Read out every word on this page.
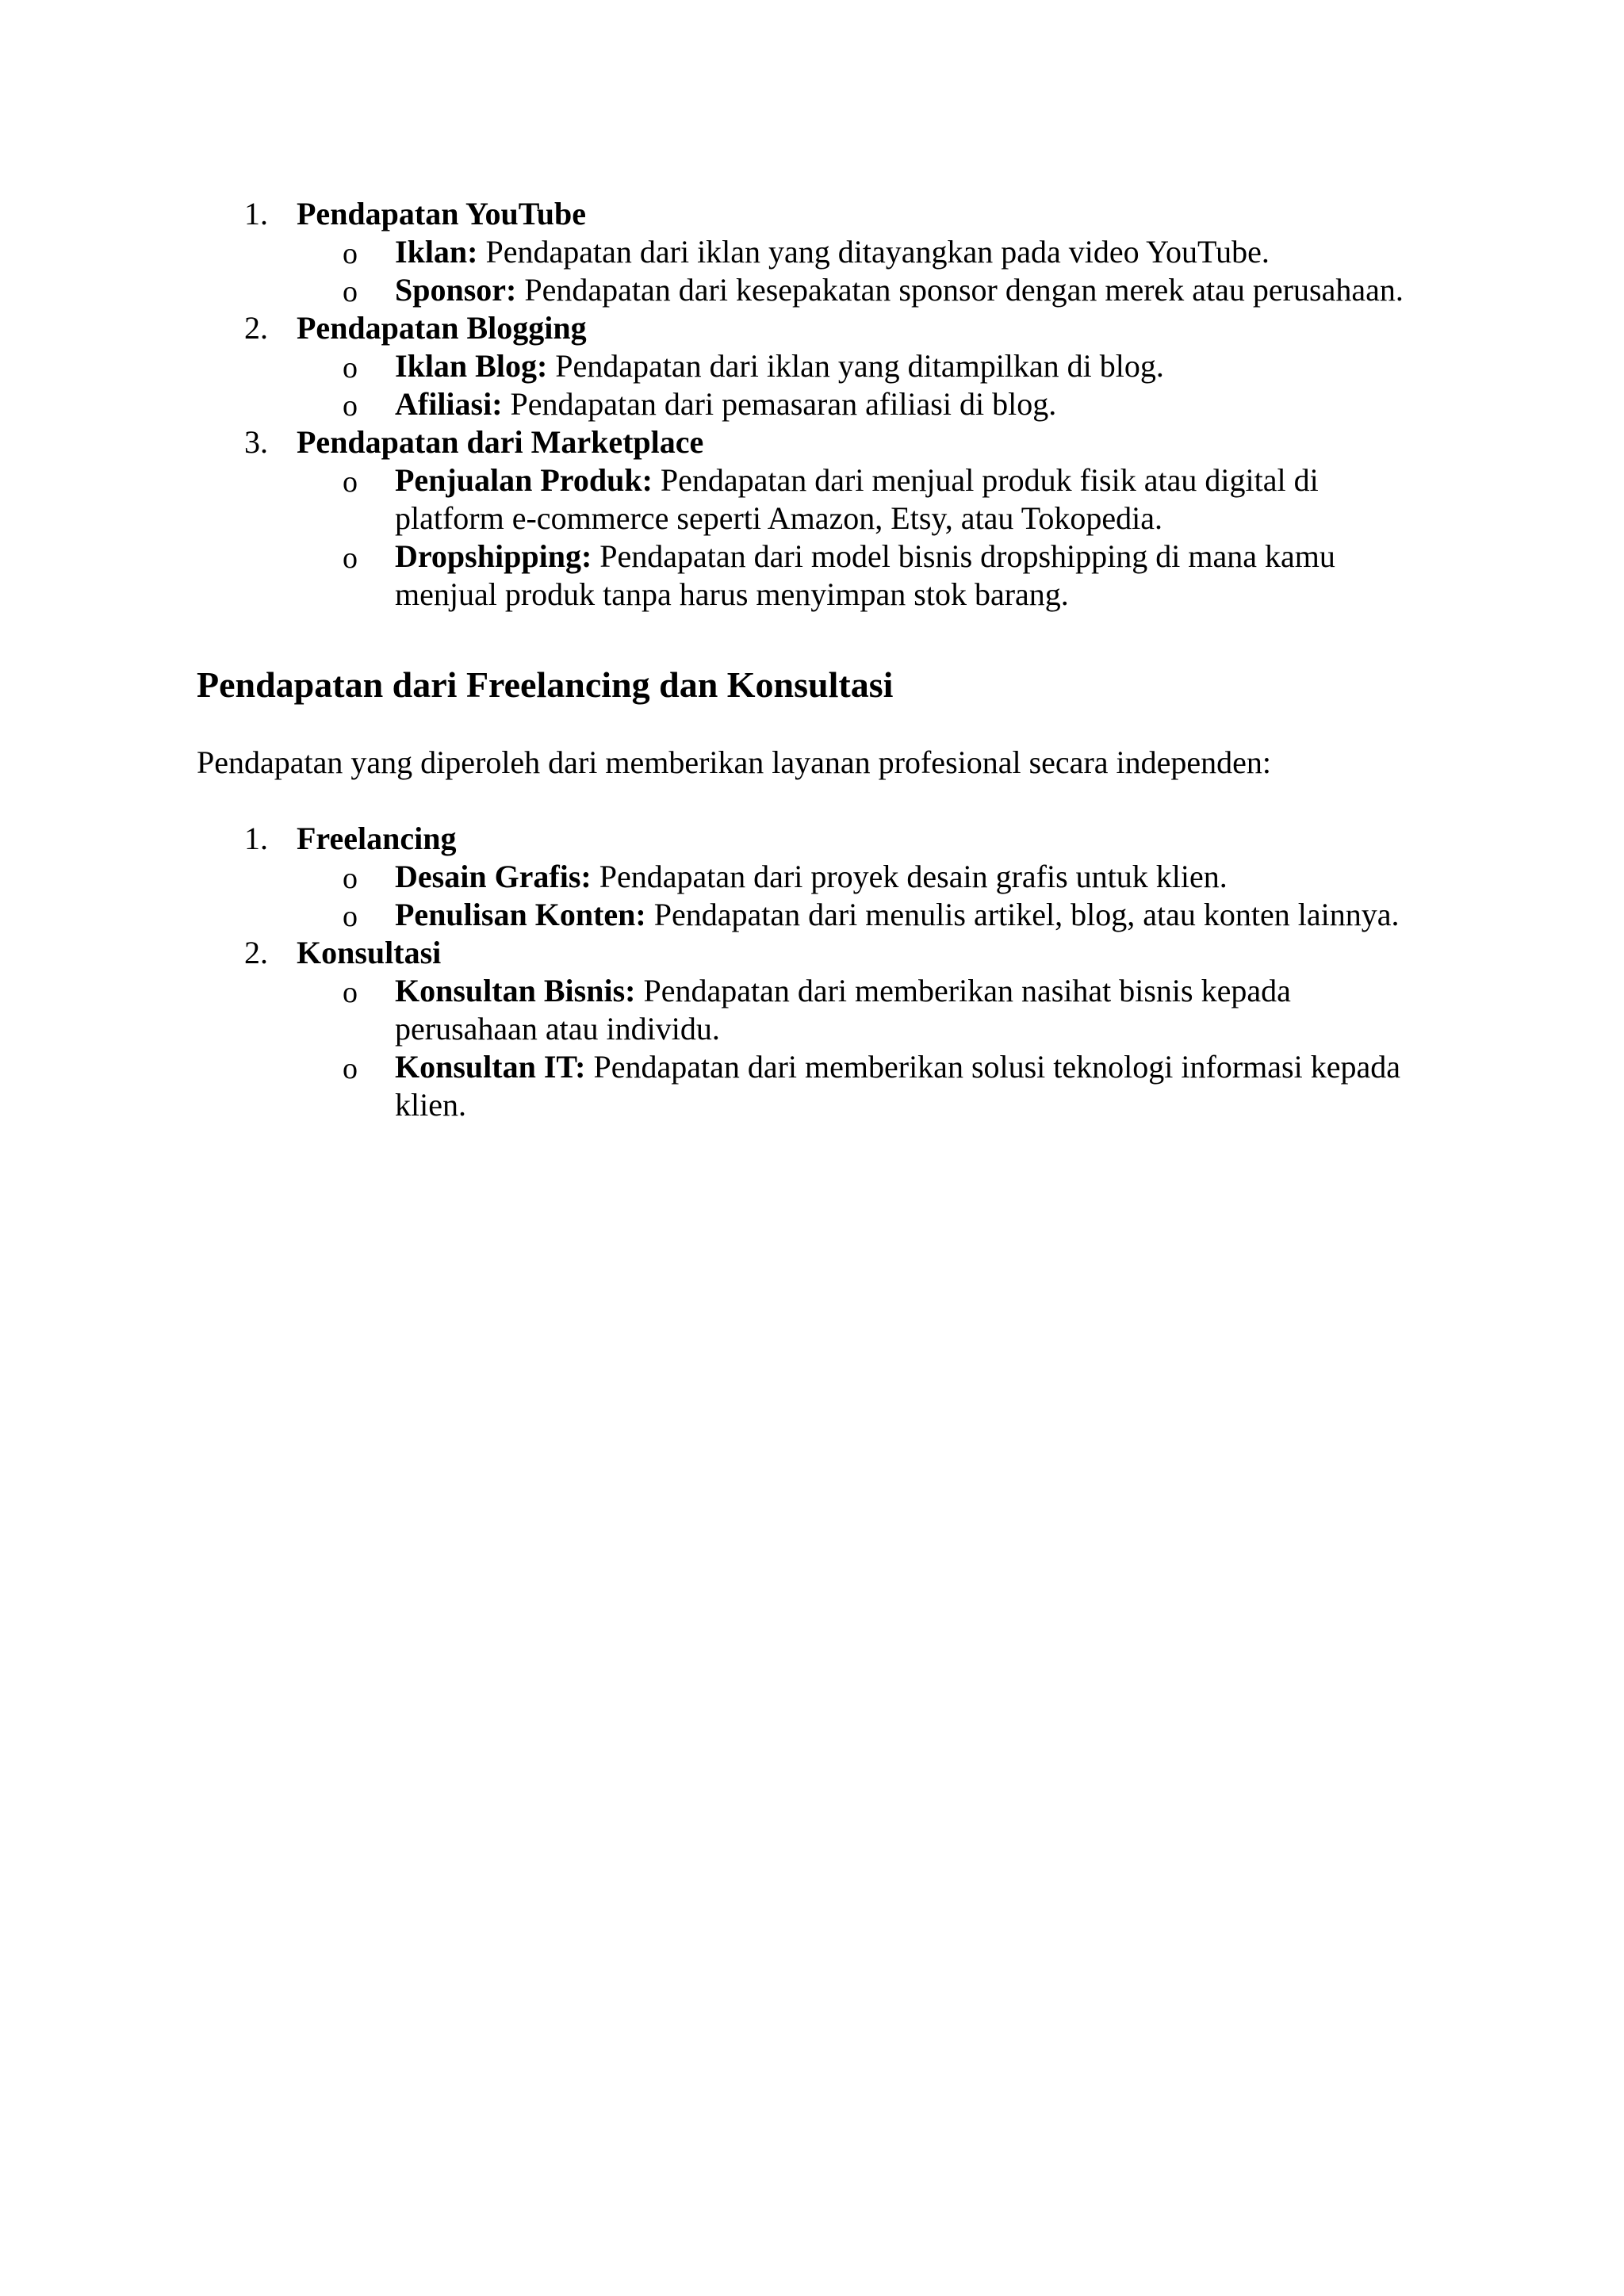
1. Pendapatan YouTube
o Iklan: Pendapatan dari iklan yang ditayangkan pada video YouTube.
o Sponsor: Pendapatan dari kesepakatan sponsor dengan merek atau perusahaan.
2. Pendapatan Blogging
o Iklan Blog: Pendapatan dari iklan yang ditampilkan di blog.
o Afiliasi: Pendapatan dari pemasaran afiliasi di blog.
3. Pendapatan dari Marketplace
o Penjualan Produk: Pendapatan dari menjual produk fisik atau digital di platform e-commerce seperti Amazon, Etsy, atau Tokopedia.
o Dropshipping: Pendapatan dari model bisnis dropshipping di mana kamu menjual produk tanpa harus menyimpan stok barang.
Pendapatan dari Freelancing dan Konsultasi

Pendapatan yang diperoleh dari memberikan layanan profesional secara independen:

1. Freelancing
o Desain Grafis: Pendapatan dari proyek desain grafis untuk klien.
o Penulisan Konten: Pendapatan dari menulis artikel, blog, atau konten lainnya.
2. Konsultasi
o Konsultan Bisnis: Pendapatan dari memberikan nasihat bisnis kepada perusahaan atau individu.
o Konsultan IT: Pendapatan dari memberikan solusi teknologi informasi kepada klien.
